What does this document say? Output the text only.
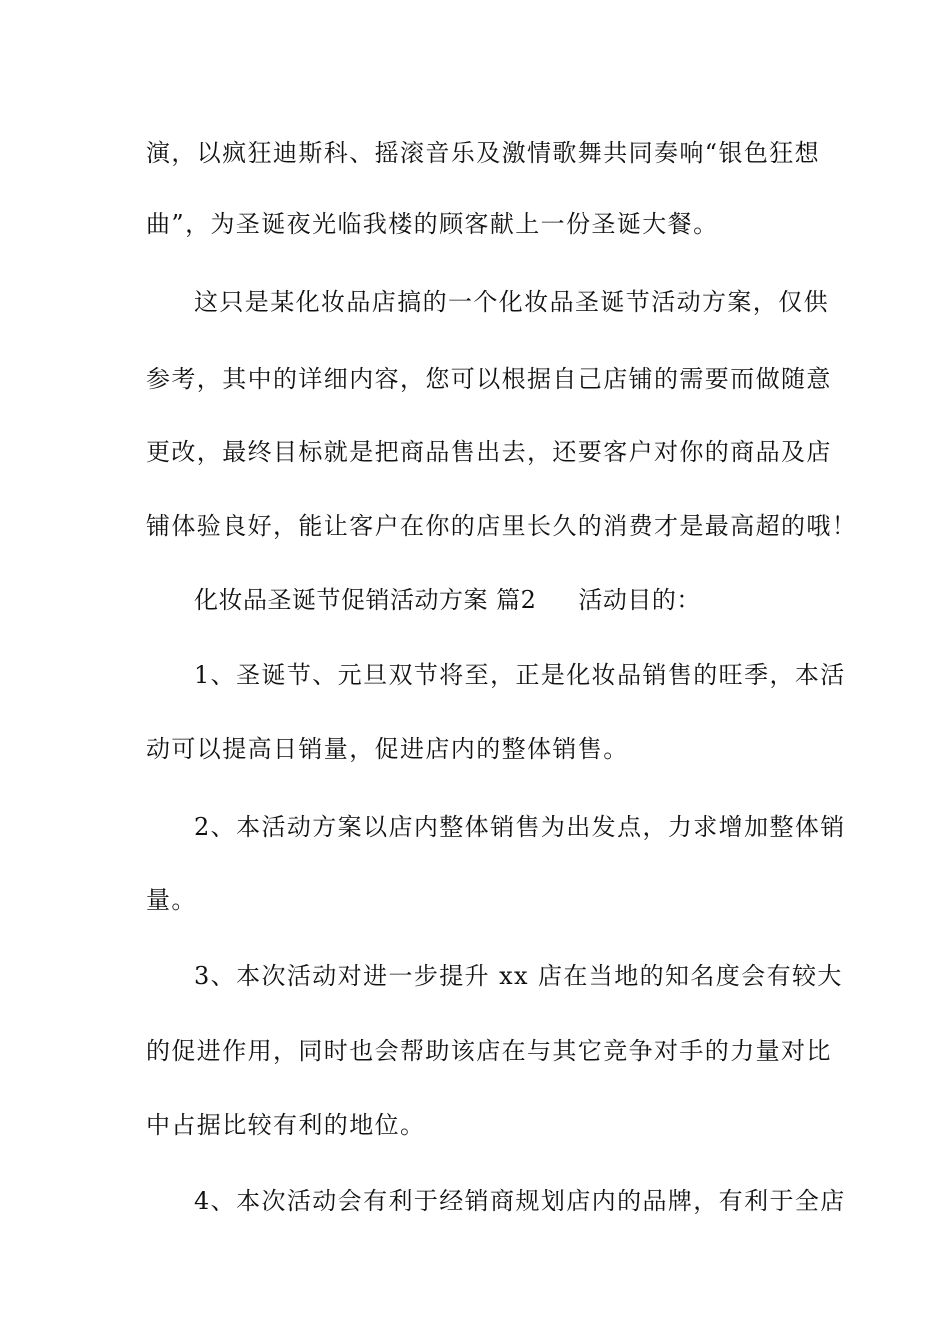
演，以疯狂迪斯科、摇滚音乐及激情歌舞共同奏响“银色狂想
曲”，为圣诞夜光临我楼的顾客献上一份圣诞大餐。
这只是某化妆品店搞的一个化妆品圣诞节活动方案，仅供
参考，其中的详细内容，您可以根据自己店铺的需要而做随意
更改，最终目标就是把商品售出去，还要客户对你的商品及店
铺体验良好，能让客户在你的店里长久的消费才是最高超的哦！
化妆品圣诞节促销活动方案 篇2 活动目的：
1、圣诞节、元旦双节将至，正是化妆品销售的旺季，本活
动可以提高日销量，促进店内的整体销售。
2、本活动方案以店内整体销售为出发点，力求增加整体销
量。
3、本次活动对进一步提升 xx 店在当地的知名度会有较大
的促进作用，同时也会帮助该店在与其它竞争对手的力量对比
中占据比较有利的地位。
4、本次活动会有利于经销商规划店内的品牌，有利于全店
